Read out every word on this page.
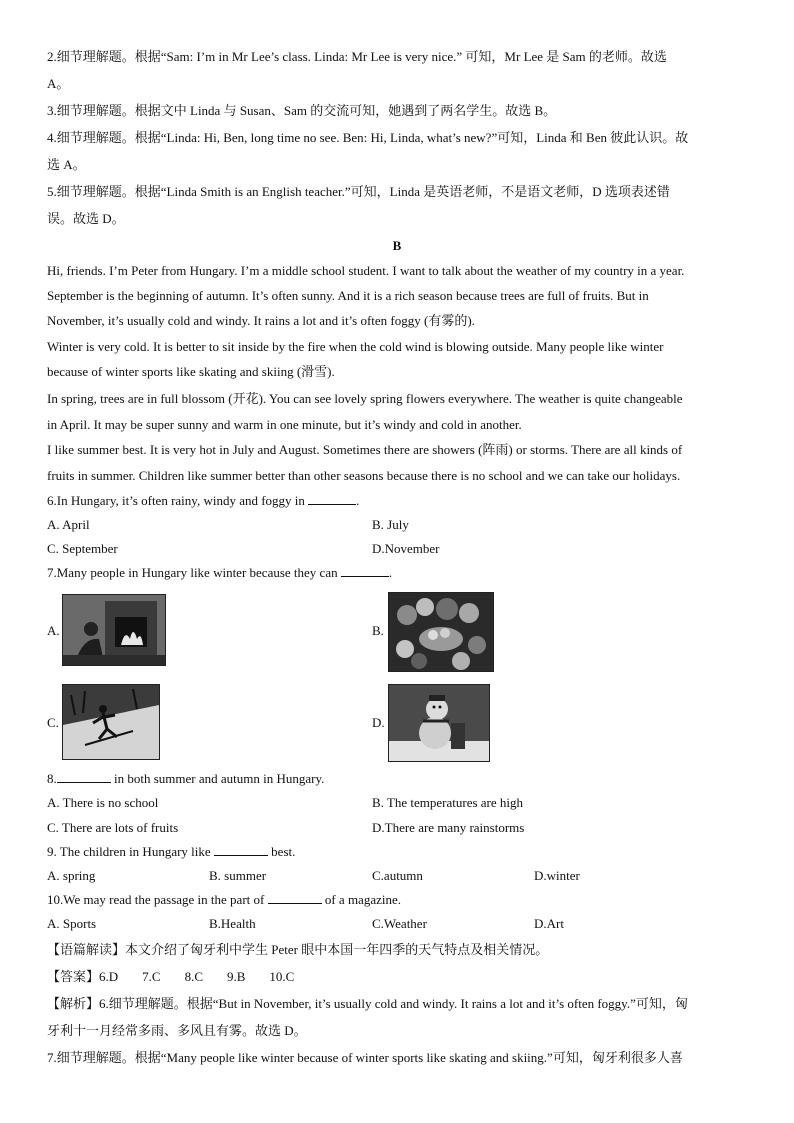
2.细节理解题。根据“Sam: I’m in Mr Lee’s class. Linda: Mr Lee is very nice.” 可知，Mr Lee 是 Sam 的老师。故选
A。
3.细节理解题。根据文中 Linda 与 Susan、Sam 的交流可知，她遇到了两名学生。故选 B。
4.细节理解题。根据“Linda: Hi, Ben, long time no see. Ben: Hi, Linda, what’s new?”可知，Linda 和 Ben 彼此认识。故
选 A。
5.细节理解题。根据“Linda Smith is an English teacher.”可知，Linda 是英语老师，不是语文老师，D 选项表述错
误。故选 D。
B
Hi, friends. I’m Peter from Hungary. I’m a middle school student. I want to talk about the weather of my country in a year.
September is the beginning of autumn. It’s often sunny. And it is a rich season because trees are full of fruits. But in
November, it’s usually cold and windy. It rains a lot and it’s often foggy (有雾的).
Winter is very cold. It is better to sit inside by the fire when the cold wind is blowing outside. Many people like winter
because of winter sports like skating and skiing (滑雪).
In spring, trees are in full blossom (开花). You can see lovely spring flowers everywhere. The weather is quite changeable
in April. It may be super sunny and warm in one minute, but it’s windy and cold in another.
I like summer best. It is very hot in July and August. Sometimes there are showers (阵雨) or storms. There are all kinds of
fruits in summer. Children like summer better than other seasons because there is no school and we can take our holidays.
6.In Hungary, it’s often rainy, windy and foggy in	.
A. April	B. July
C. September	D.November
7.Many people in Hungary like winter because they can	.
A.	B.
C.	D.
8.	in both summer and autumn in Hungary.
A. There is no school	B. The temperatures are high
C. There are lots of fruits	D.There are many rainstorms
9. The children in Hungary like	best.
A. spring	B. summer	C.autumn	D.winter
10.We may read the passage in the part of	of a magazine.
A. Sports	B.Health	C.Weather	D.Art
【语篇解读】本文介绍了匈牙利中学生 Peter 眼中本国一年四季的天气特点及相关情况。
【答案】6.D 7.C 8.C 9.B 10.C
【解析】6.细节理解题。根据“But in November, it’s usually cold and windy. It rains a lot and it’s often foggy.”可知，匈
牙利十一月经常多雨、多风且有雾。故选 D。
7.细节理解题。根据“Many people like winter because of winter sports like skating and skiing.”可知，匈牙利很多人喜
